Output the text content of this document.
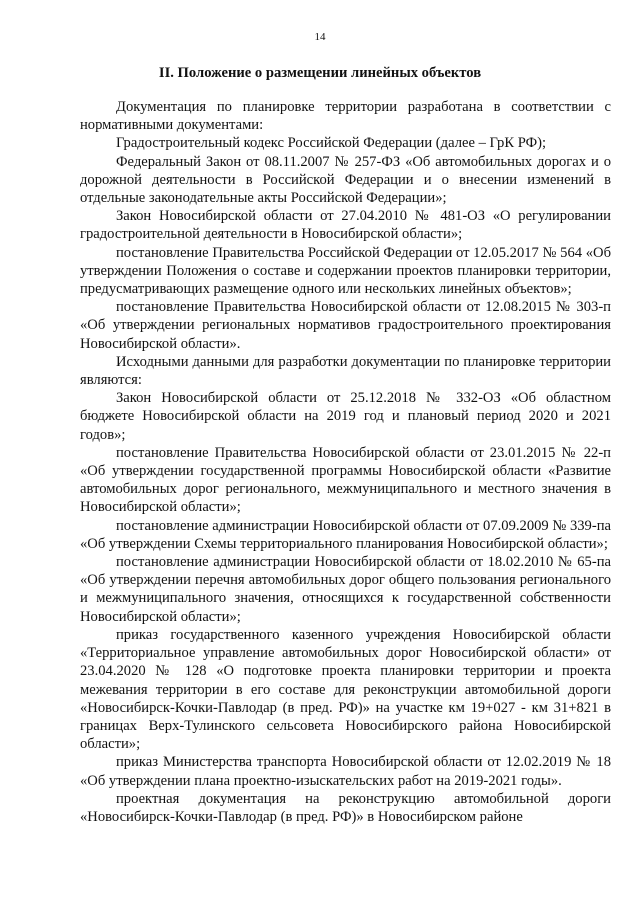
14
II. Положение о размещении линейных объектов

Документация по планировке территории разработана в соответствии с нормативными документами:

Градостроительный кодекс Российской Федерации (далее – ГрК РФ);

Федеральный Закон от 08.11.2007 № 257-ФЗ «Об автомобильных дорогах и о дорожной деятельности в Российской Федерации и о внесении изменений в отдельные законодательные акты Российской Федерации»;

Закон Новосибирской области от 27.04.2010 № 481-ОЗ «О регулировании градостроительной деятельности в Новосибирской области»;

постановление Правительства Российской Федерации от 12.05.2017 № 564 «Об утверждении Положения о составе и содержании проектов планировки территории, предусматривающих размещение одного или нескольких линейных объектов»;

постановление Правительства Новосибирской области от 12.08.2015 № 303-п «Об утверждении региональных нормативов градостроительного проектирования Новосибирской области».

Исходными данными для разработки документации по планировке территории являются:

Закон Новосибирской области от 25.12.2018 № 332-ОЗ «Об областном бюджете Новосибирской области на 2019 год и плановый период 2020 и 2021 годов»;

постановление Правительства Новосибирской области от 23.01.2015 № 22-п «Об утверждении государственной программы Новосибирской области «Развитие автомобильных дорог регионального, межмуниципального и местного значения в Новосибирской области»;

постановление администрации Новосибирской области от 07.09.2009 № 339-па «Об утверждении Схемы территориального планирования Новосибирской области»;

постановление администрации Новосибирской области от 18.02.2010 № 65-па «Об утверждении перечня автомобильных дорог общего пользования регионального и межмуниципального значения, относящихся к государственной собственности Новосибирской области»;

приказ государственного казенного учреждения Новосибирской области «Территориальное управление автомобильных дорог Новосибирской области» от 23.04.2020 № 128 «О подготовке проекта планировки территории и проекта межевания территории в его составе для реконструкции автомобильной дороги «Новосибирск-Кочки-Павлодар (в пред. РФ)» на участке км 19+027 - км 31+821 в границах Верх-Тулинского сельсовета Новосибирского района Новосибирской области»;

приказ Министерства транспорта Новосибирской области от 12.02.2019 № 18 «Об утверждении плана проектно-изыскательских работ на 2019-2021 годы».

проектная документация на реконструкцию автомобильной дороги «Новосибирск-Кочки-Павлодар (в пред. РФ)» в Новосибирском районе
